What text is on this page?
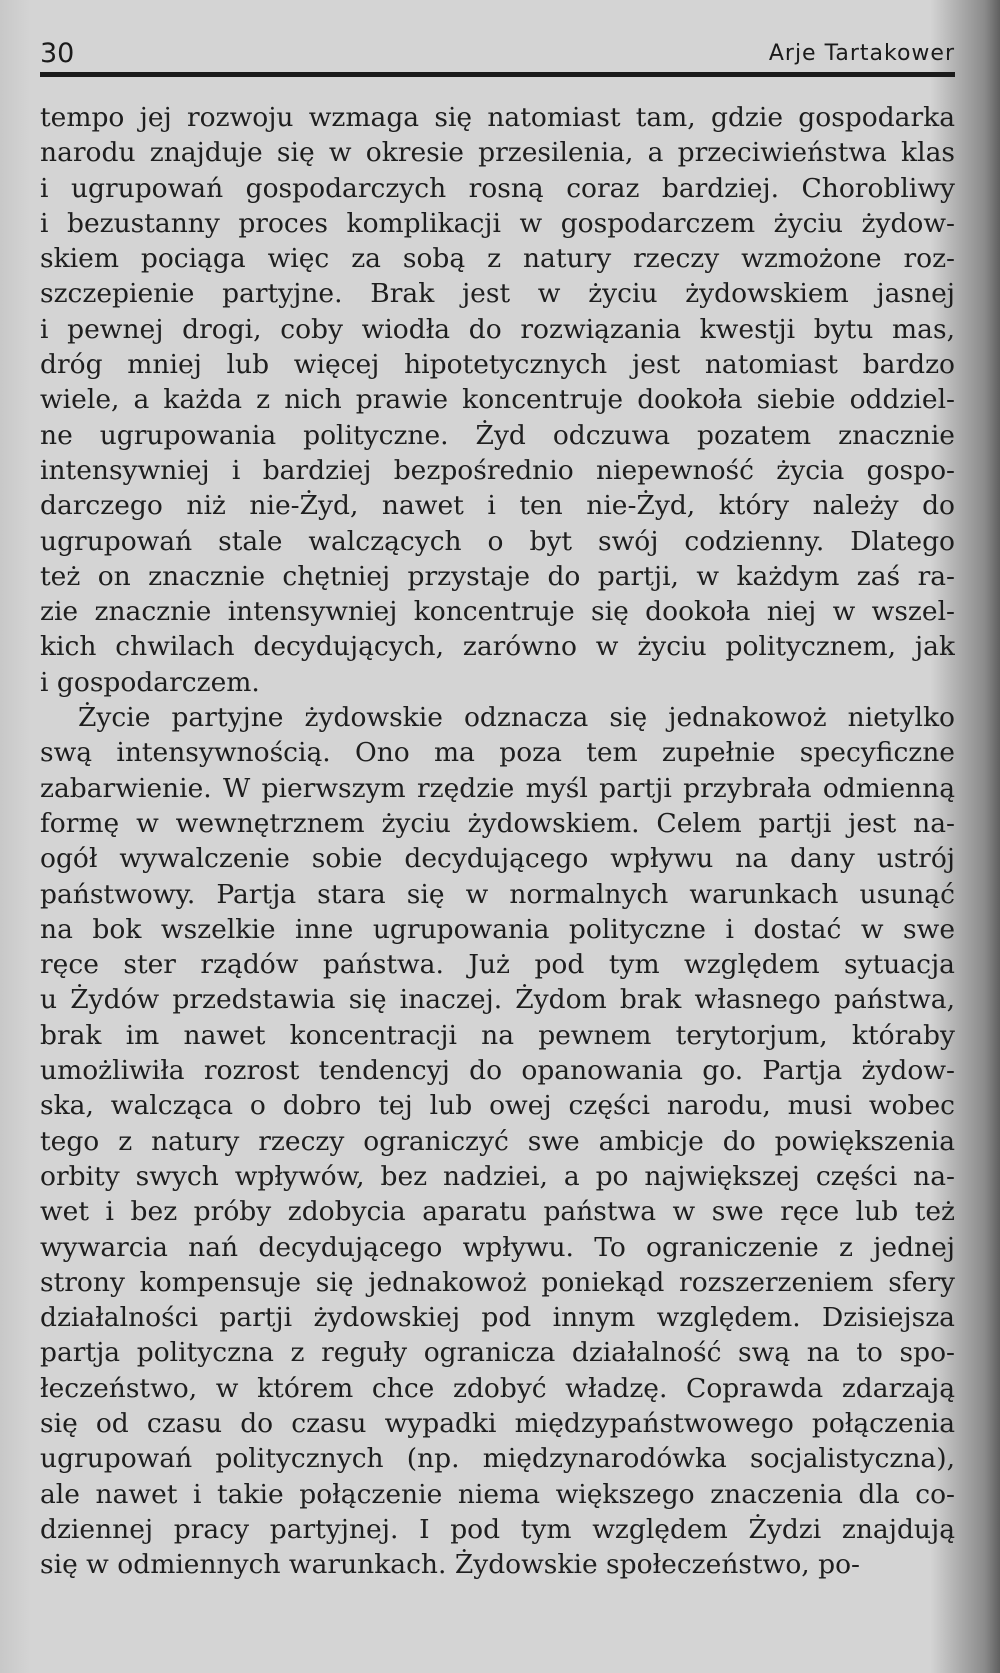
30	Arje Tartakower
tempo jej rozwoju wzmaga się natomiast tam, gdzie gospodarka
narodu znajduje się w okresie przesilenia, a przeciwieństwa klas
i ugrupowań gospodarczych rosną coraz bardziej. Chorobliwy
i bezustanny proces komplikacji w gospodarczem życiu żydow-
skiem pociąga więc za sobą z natury rzeczy wzmożone roz-
szczepienie partyjne. Brak jest w życiu żydowskiem jasnej
i pewnej drogi, coby wiodła do rozwiązania kwestji bytu mas,
dróg mniej lub więcej hipotetycznych jest natomiast bardzo
wiele, a każda z nich prawie koncentruje dookoła siebie oddziel-
ne ugrupowania polityczne. Żyd odczuwa pozatem znacznie
intensywniej i bardziej bezpośrednio niepewność życia gospo-
darczego niż nie-Żyd, nawet i ten nie-Żyd, który należy do
ugrupowań stale walczących o byt swój codzienny. Dlatego
też on znacznie chętniej przystaje do partji, w każdym zaś ra-
zie znacznie intensywniej koncentruje się dookoła niej w wszel-
kich chwilach decydujących, zarówno w życiu politycznem, jak
i gospodarczem.
Życie partyjne żydowskie odznacza się jednakowoż nietylko
swą intensywnością. Ono ma poza tem zupełnie specyficzne
zabarwienie. W pierwszym rzędzie myśl partji przybrała odmienną
formę w wewnętrznem życiu żydowskiem. Celem partji jest na-
ogół wywalczenie sobie decydującego wpływu na dany ustrój
państwowy. Partja stara się w normalnych warunkach usunąć
na bok wszelkie inne ugrupowania polityczne i dostać w swe
ręce ster rządów państwa. Już pod tym względem sytuacja
u Żydów przedstawia się inaczej. Żydom brak własnego państwa,
brak im nawet koncentracji na pewnem terytorjum, któraby
umożliwiła rozrost tendencyj do opanowania go. Partja żydow-
ska, walcząca o dobro tej lub owej części narodu, musi wobec
tego z natury rzeczy ograniczyć swe ambicje do powiększenia
orbity swych wpływów, bez nadziei, a po największej części na-
wet i bez próby zdobycia aparatu państwa w swe ręce lub też
wywarcia nań decydującego wpływu. To ograniczenie z jednej
strony kompensuje się jednakowoż poniekąd rozszerzeniem sfery
działalności partji żydowskiej pod innym względem. Dzisiejsza
partja polityczna z reguły ogranicza działalność swą na to spo-
łeczeństwo, w którem chce zdobyć władzę. Coprawda zdarzają
się od czasu do czasu wypadki międzypaństwowego połączenia
ugrupowań politycznych (np. międzynarodówka socjalistyczna),
ale nawet i takie połączenie niema większego znaczenia dla co-
dziennej pracy partyjnej. I pod tym względem Żydzi znajdują
się w odmiennych warunkach. Żydowskie społeczeństwo, po-
